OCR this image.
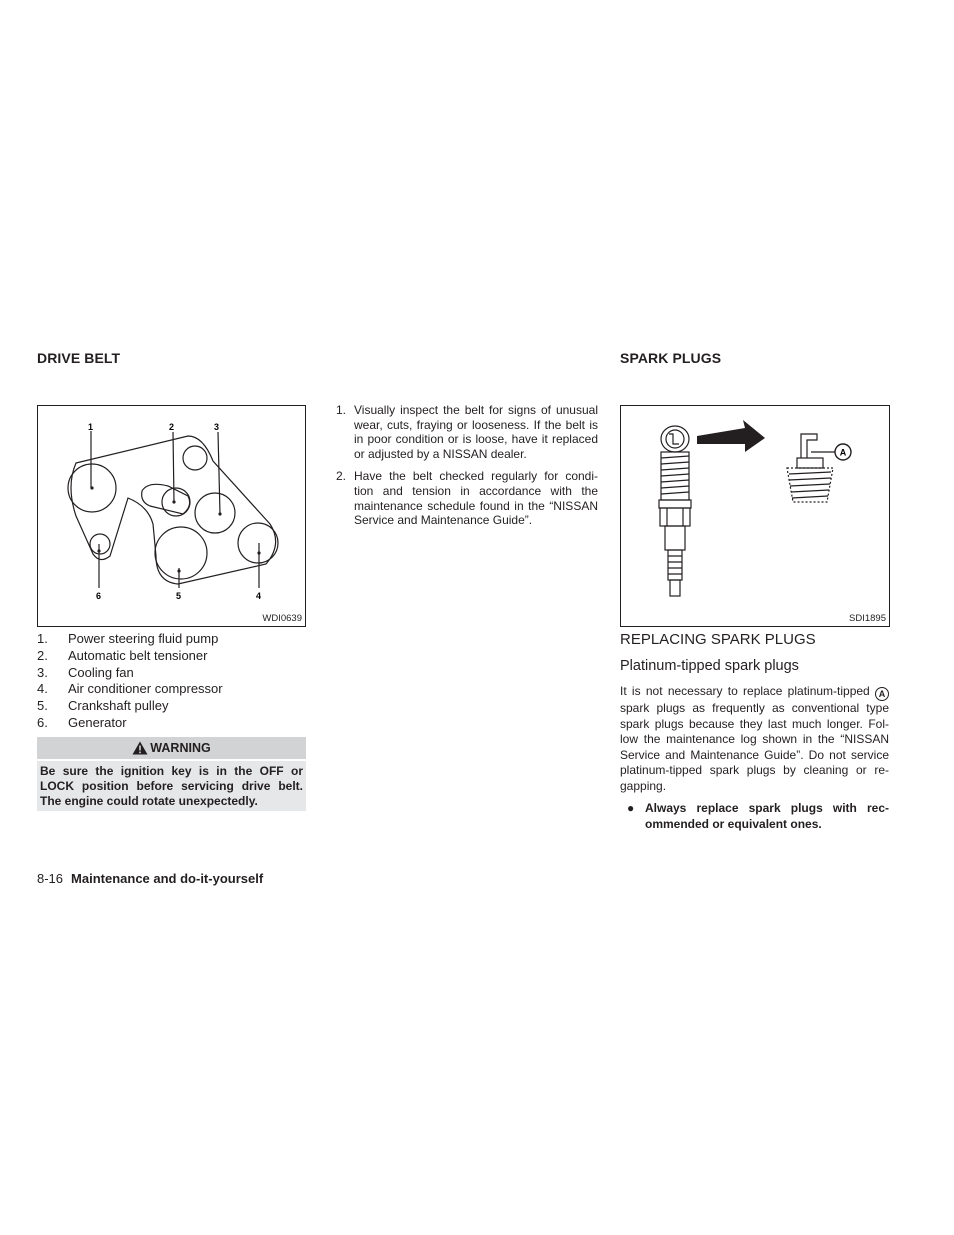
DRIVE BELT	SPARK PLUGS
1	2	3
4
5
6
WDI0639
1.	Power steering fluid pump
2.	Automatic belt tensioner
3.	Cooling fan
4.	Air conditioner compressor
5.	Crankshaft pulley
6.	Generator
WARNING
Be sure the ignition key is in the OFF or LOCK position before servicing drive belt. The engine could rotate unexpectedly.
1. Visually inspect the belt for signs of unusual wear, cuts, fraying or looseness. If the belt is in poor condition or is loose, have it replaced or adjusted by a NISSAN dealer.
2. Have the belt checked regularly for condi- tion and tension in accordance with the maintenance schedule found in the “NISSAN Service and Maintenance Guide”.
A
SDI1895
REPLACING SPARK PLUGS
Platinum-tipped spark plugs
It is not necessary to replace platinum-tipped A spark plugs as frequently as conventional type spark plugs because they last much longer. Fol- low the maintenance log shown in the “NISSAN Service and Maintenance Guide”. Do not service platinum-tipped spark plugs by cleaning or re- gapping.
● Always replace spark plugs with rec- ommended or equivalent ones.
8-16 Maintenance and do-it-yourself
